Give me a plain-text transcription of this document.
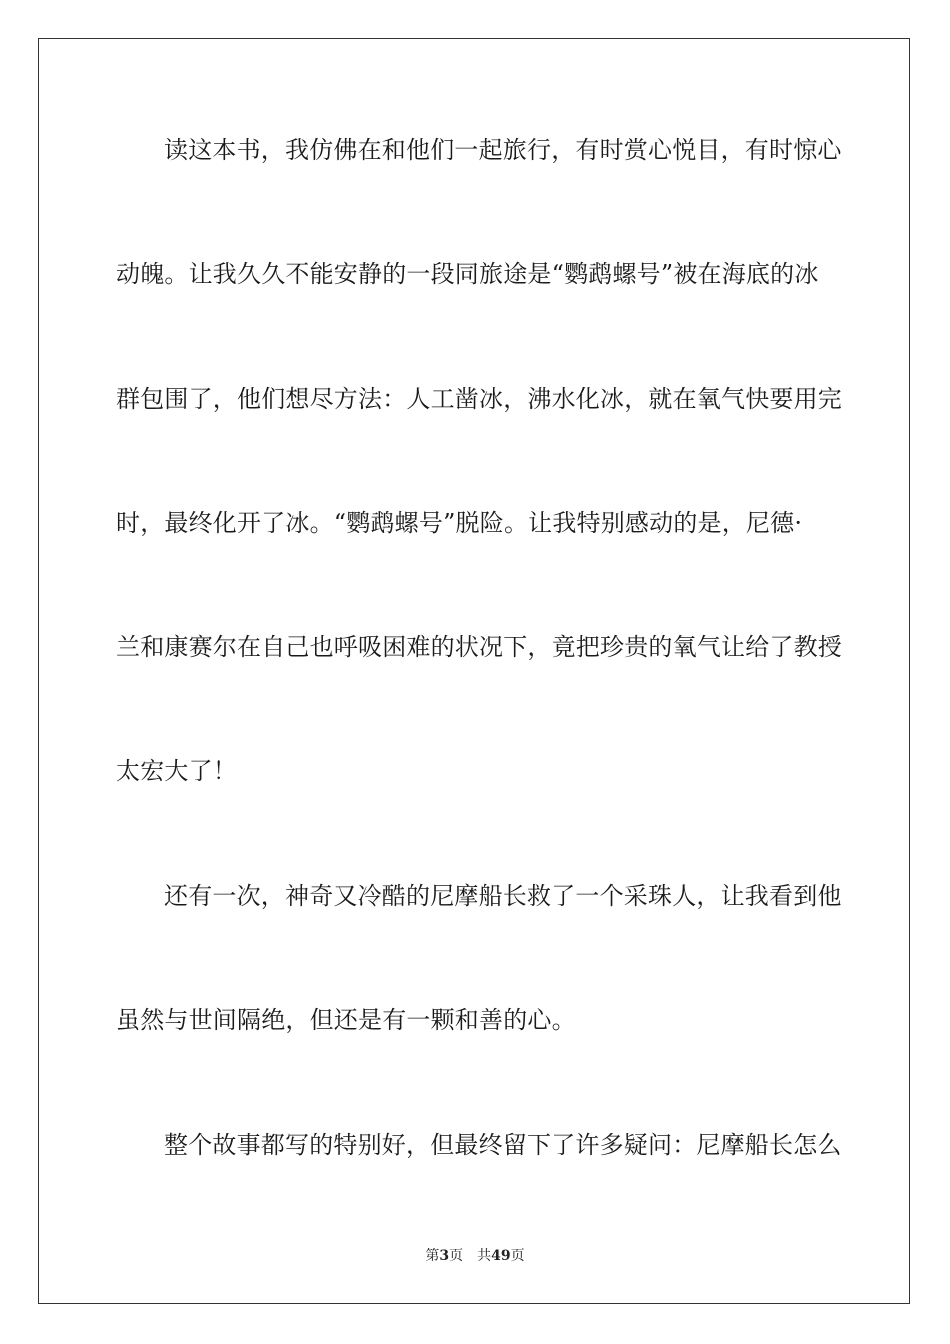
读这本书，我仿佛在和他们一起旅行，有时赏心悦目，有时惊心
动魄。让我久久不能安静的一段同旅途是“鹦鹉螺号”被在海底的冰
群包围了，他们想尽方法：人工凿冰，沸水化冰，就在氧气快要用完
时，最终化开了冰。“鹦鹉螺号”脱险。让我特别感动的是，尼德·
兰和康赛尔在自己也呼吸困难的状况下，竟把珍贵的氧气让给了教授
太宏大了！
还有一次，神奇又冷酷的尼摩船长救了一个采珠人，让我看到他
虽然与世间隔绝，但还是有一颗和善的心。
整个故事都写的特别好，但最终留下了许多疑问：尼摩船长怎么
第3页 共49页
